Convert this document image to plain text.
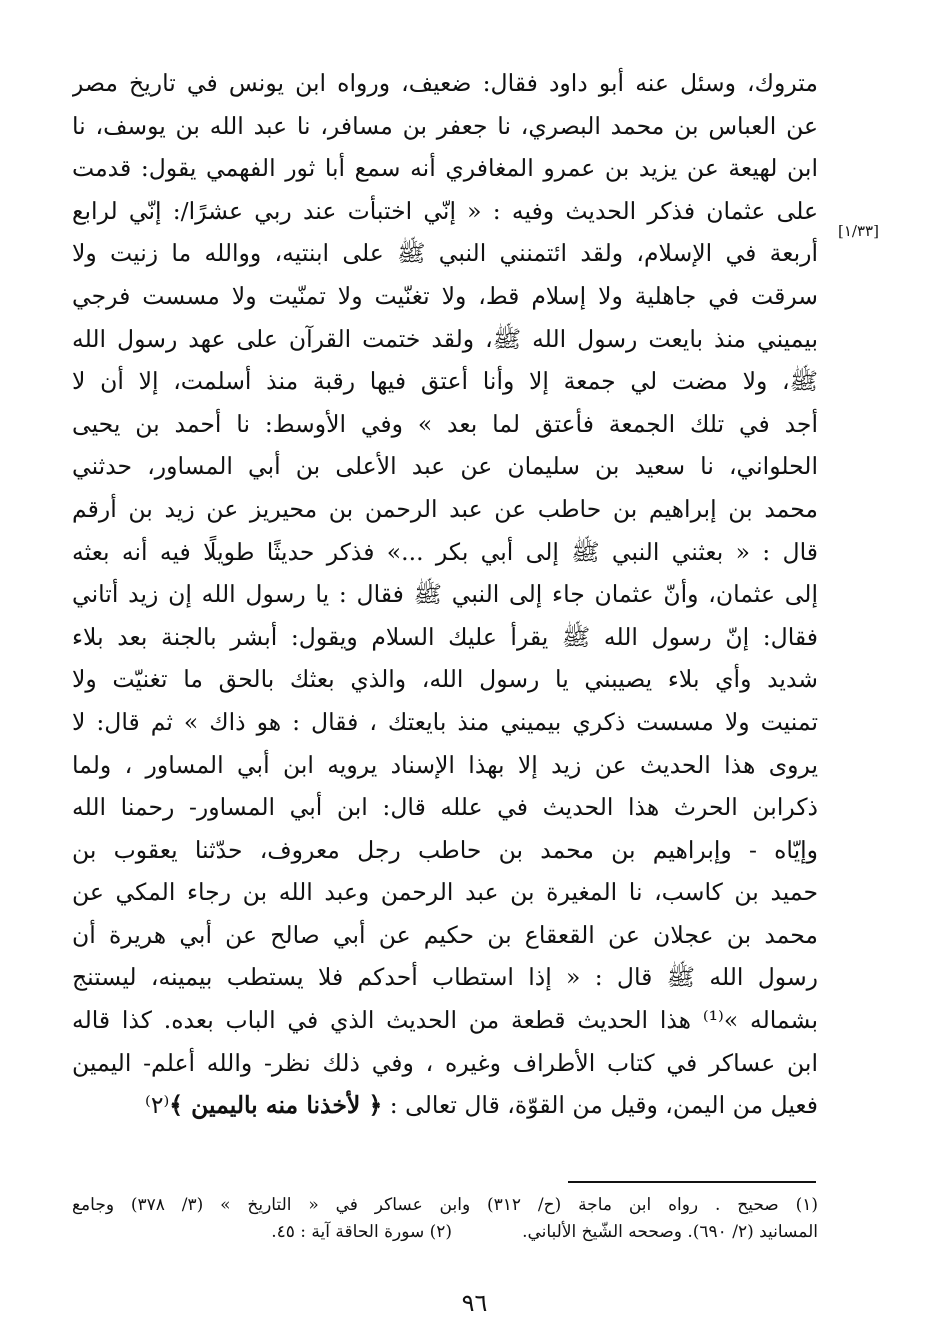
[١/٣٣]
متروك، وسئل عنه أبو داود فقال: ضعيف، ورواه ابن يونس في تاريخ مصر
عن العباس بن محمد البصري، نا جعفر بن مسافر، نا عبد الله بن يوسف، نا
ابن لهيعة عن يزيد بن عمرو المغافري أنه سمع أبا ثور الفهمي يقول: قدمت
على عثمان فذكر الحديث وفيه : « إنّي اختبأت عند ربي عشرًا/: إنّي لرابع
أربعة في الإسلام، ولقد ائتمنني النبي ﷺ على ابنتيه، ووالله ما زنيت ولا
سرقت في جاهلية ولا إسلام قط، ولا تغنّيت ولا تمنّيت ولا مسست فرجي
بيميني منذ بايعت رسول الله ﷺ، ولقد ختمت القرآن على عهد رسول الله
ﷺ، ولا مضت لي جمعة إلا وأنا أعتق فيها رقبة منذ أسلمت، إلا أن لا
أجد في تلك الجمعة فأعتق لما بعد » وفي الأوسط: نا أحمد بن يحيى
الحلواني، نا سعيد بن سليمان عن عبد الأعلى بن أبي المساور، حدثني
محمد بن إبراهيم بن حاطب عن عبد الرحمن بن محيريز عن زيد بن أرقم
قال : « بعثني النبي ﷺ إلى أبي بكر ...» فذكر حديثًا طويلًا فيه أنه بعثه
إلى عثمان، وأنّ عثمان جاء إلى النبي ﷺ فقال : يا رسول الله إن زيد أتاني
فقال: إنّ رسول الله ﷺ يقرأ عليك السلام ويقول: أبشر بالجنة بعد بلاء
شديد وأي بلاء يصيبني يا رسول الله، والذي بعثك بالحق ما تغنيّت ولا
تمنيت ولا مسست ذكري بيميني منذ بايعتك ، فقال : هو ذاك » ثم قال: لا
يروى هذا الحديث عن زيد إلا بهذا الإسناد يرويه ابن أبي المساور ، ولما
ذكرابن الحرث هذا الحديث في علله قال: ابن أبي المساور- رحمنا الله
وإيّاه - وإبراهيم بن محمد بن حاطب رجل معروف، حدّثنا يعقوب بن
حميد بن كاسب، نا المغيرة بن عبد الرحمن وعبد الله بن رجاء المكي عن
محمد بن عجلان عن القعقاع بن حكيم عن أبي صالح عن أبي هريرة أن
رسول الله ﷺ قال : « إذا استطاب أحدكم فلا يستطب بيمينه، ليستنج
بشماله »⁽¹⁾ هذا الحديث قطعة من الحديث الذي في الباب بعده. كذا قاله
ابن عساكر في كتاب الأطراف وغيره ، وفي ذلك نظر- والله أعلم- اليمين
فعيل من اليمن، وقيل من القوّة، قال تعالى : ﴿ لأخذنا منه باليمين ﴾⁽٢⁾
(١) صحيح . رواه ابن ماجة (ح/ ٣١٢) وابن عساكر في « التاريخ » (٣/ ٣٧٨) وجامع
المسانيد (٢/ ٦٩٠). وصححه الشّيخ الألباني.
(٢) سورة الحاقة آية : ٤٥.
٩٦
